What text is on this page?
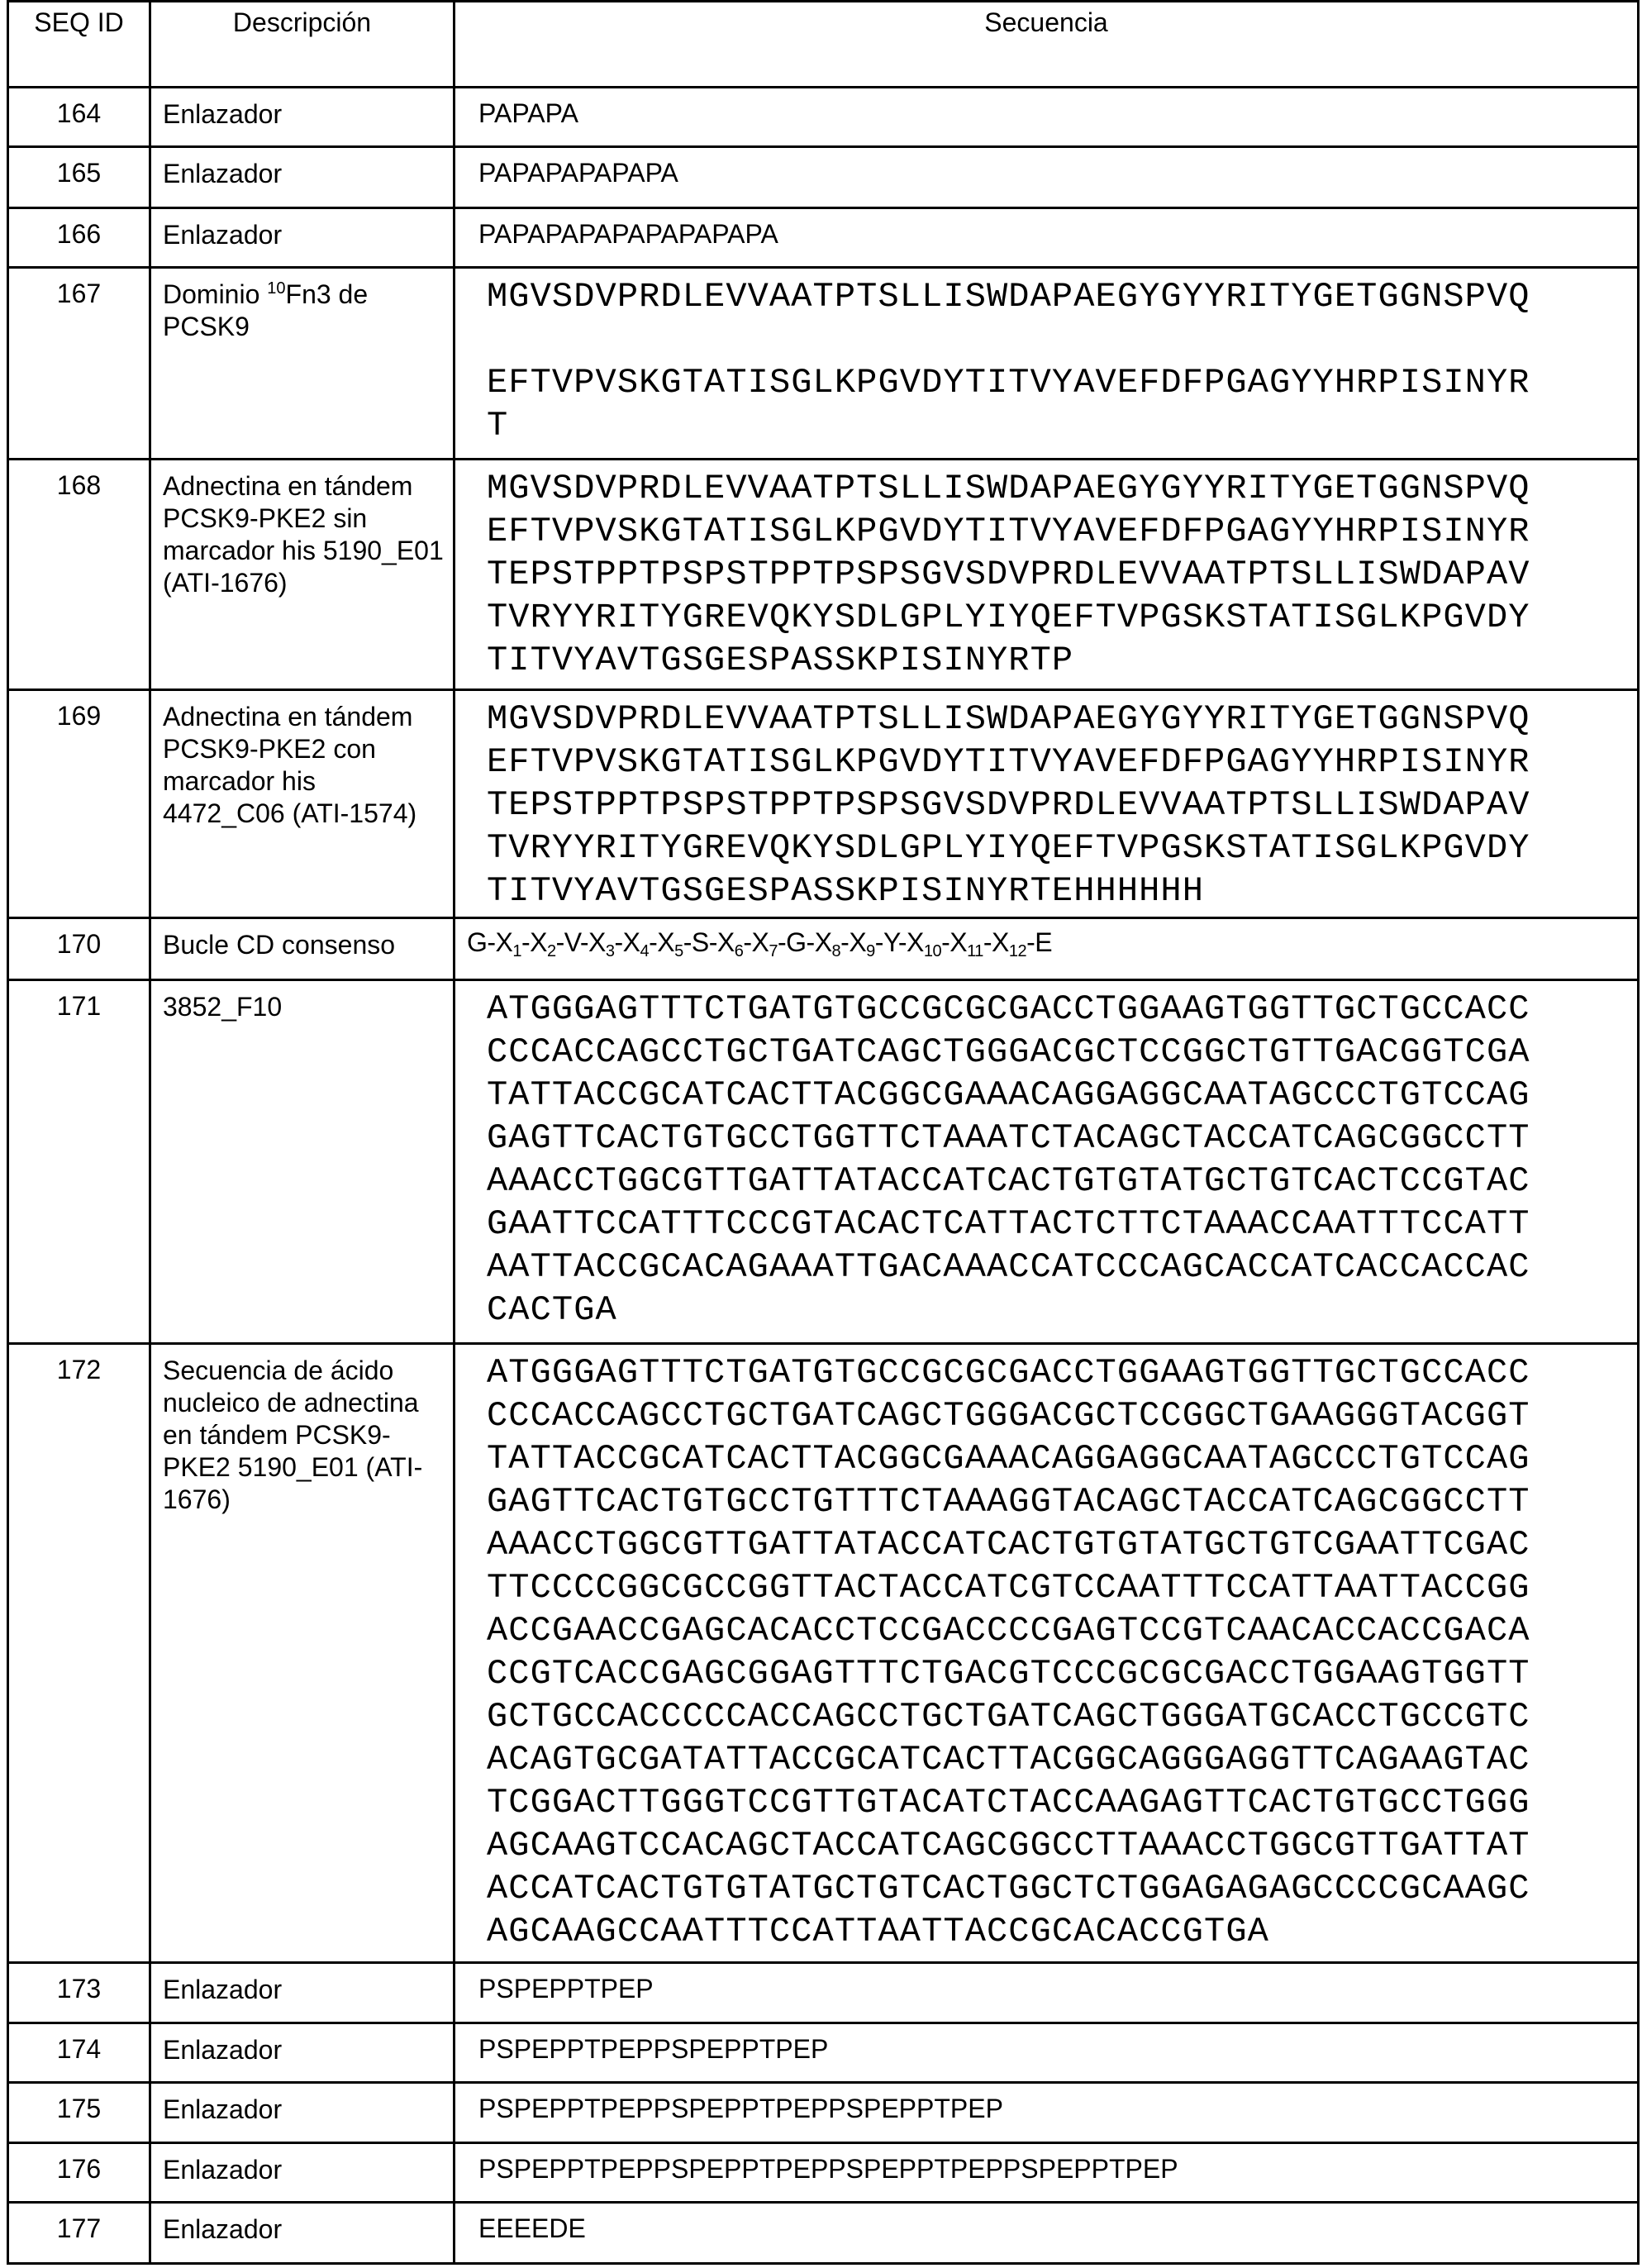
SEQ ID	Descripción	Secuencia
164	Enlazador	PAPAPA

165	Enlazador	PAPAPAPAPAPA

166	Enlazador	PAPAPAPAPAPAPAPAPA

167	Dominio 10Fn3 de PCSK9	
MGVSDVPRDLEVVAATPTSLLISWDAPAEGYGYYRITYGETGGNSPVQ
EFTVPVSKGTATISGLKPGVDYTITVYAVEFDFPGAGYYHRPISINYR
T

168	Adnectina en tándem PCSK9-PKE2 sin marcador his 5190_E01 (ATI-1676)	
MGVSDVPRDLEVVAATPTSLLISWDAPAEGYGYYRITYGETGGNSPVQ
EFTVPVSKGTATISGLKPGVDYTITVYAVEFDFPGAGYYHRPISINYR
TEPSTPPTPSPSTPPTPSPSGVSDVPRDLEVVAATPTSLLISWDAPAV
TVRYYRITYGREVQKYSDLGPLYIYQEFTVPGSKSTATISGLKPGVDY
TITVYAVTGSGESPASSKPISINYRTP

169	Adnectina en tándem PCSK9-PKE2 con marcador his 4472_C06 (ATI-1574)	
MGVSDVPRDLEVVAATPTSLLISWDAPAEGYGYYRITYGETGGNSPVQ
EFTVPVSKGTATISGLKPGVDYTITVYAVEFDFPGAGYYHRPISINYR
TEPSTPPTPSPSTPPTPSPSGVSDVPRDLEVVAATPTSLLISWDAPAV
TVRYYRITYGREVQKYSDLGPLYIYQEFTVPGSKSTATISGLKPGVDY
TITVYAVTGSGESPASSKPISINYRTEHHHHHH

170	Bucle CD consenso	G-X1-X2-V-X3-X4-X5-S-X6-X7-G-X8-X9-Y-X10-X11-X12-E
171	3852_F10	ATGGGAGTTTCTGATGTGCCGCGCGACCTGGAAGTGGTTGCTGCCACC
CCCACCAGCCTGCTGATCAGCTGGGACGCTCCGGCTGTTGACGGTCGA
TATTACCGCATCACTTACGGCGAAACAGGAGGCAATAGCCCTGTCCAG
GAGTTCACTGTGCCTGGTTCTAAATCTACAGCTACCATCAGCGGCCTT
AAACCTGGCGTTGATTATACCATCACTGTGTATGCTGTCACTCCGTAC
GAATTCCATTTCCCGTACACTCATTACTCTTCTAAACCAATTTCCATT
AATTACCGCACAGAAATTGACAAACCATCCCAGCACCATCACCACCAC
CACTGA

172	Secuencia de ácido nucleico de adnectina en tándem PCSK9-PKE2 5190_E01 (ATI-1676)	
ATGGGAGTTTCTGATGTGCCGCGCGACCTGGAAGTGGTTGCTGCCACC
CCCACCAGCCTGCTGATCAGCTGGGACGCTCCGGCTGAAGGGTACGGT
TATTACCGCATCACTTACGGCGAAACAGGAGGCAATAGCCCTGTCCAG
GAGTTCACTGTGCCTGTTTCTAAAGGTACAGCTACCATCAGCGGCCTT
AAACCTGGCGTTGATTATACCATCACTGTGTATGCTGTCGAATTCGAC
TTCCCCGGCGCCGGTTACTACCATCGTCCAATTTCCATTAATTACCGG
ACCGAACCGAGCACACCTCCGACCCCGAGTCCGTCAACACCACCGACA
CCGTCACCGAGCGGAGTTTCTGACGTCCCGCGCGACCTGGAAGTGGTT
GCTGCCACCCCCACCAGCCTGCTGATCAGCTGGGATGCACCTGCCGTC
ACAGTGCGATATTACCGCATCACTTACGGCAGGGAGGTTCAGAAGTAC
TCGGACTTGGGTCCGTTGTACATCTACCAAGAGTTCACTGTGCCTGGG
AGCAAGTCCACAGCTACCATCAGCGGCCTTAAACCTGGCGTTGATTAT
ACCATCACTGTGTATGCTGTCACTGGCTCTGGAGAGAGCCCCGCAAGC
AGCAAGCCAATTTCCATTAATTACCGCACACCGTGA

173	Enlazador	PSPEPPTPEP

174	Enlazador	PSPEPPTPEPPSPEPPTPEP

175	Enlazador	PSPEPPTPEPPSPEPPTPEPPSPEPPTPEP

176	Enlazador	PSPEPPTPEPPSPEPPTPEPPSPEPPTPEPPSPEPPTPEP

177	Enlazador	EEEEDE
